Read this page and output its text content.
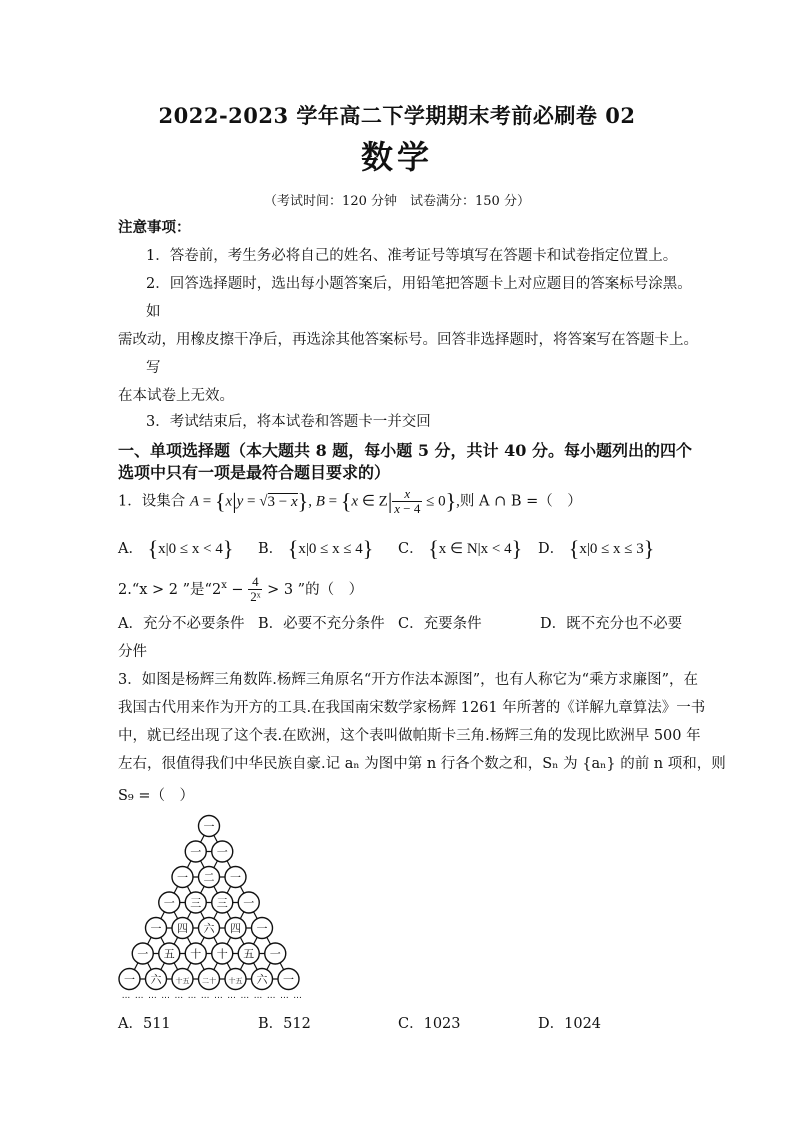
2022-2023 学年高二下学期期末考前必刷卷 02
数学
（考试时间：120 分钟　试卷满分：150 分）
注意事项：
1．答卷前，考生务必将自己的姓名、准考证号等填写在答题卡和试卷指定位置上。
2．回答选择题时，选出每小题答案后，用铅笔把答题卡上对应题目的答案标号涂黑。
如
需改动，用橡皮擦干净后，再选涂其他答案标号。回答非选择题时，将答案写在答题卡上。
写
在本试卷上无效。
3．考试结束后，将本试卷和答题卡一并交回
一、单项选择题（本大题共 8 题，每小题 5 分，共计 40 分。每小题列出的四个
选项中只有一项是最符合题目要求的）
1．设集合 A = {x|y = √3 − x}, B = {x ∈ $Z| \frac{x}{x - 4} \le 0$},则 A ∩ B =（　）
A． {x|0 ≤ x < 4} B． {x|0 ≤ x ≤ 4} C． {x ∈ N|x < 4} D． {x|0 ≤ x ≤ 3}
2.“x > 2 ”是“$2^x - \frac{4}{\text{2ˣ}} > 3$ ”的（　）
A．充分不必要条件 B．必要不充分条件 C．充要条件	D．既不充分也不必要
分件
3．如图是杨辉三角数阵.杨辉三角原名“开方作法本源图”，也有人称它为“乘方求廉图”，在
我国古代用来作为开方的工具.在我国南宋数学家杨辉 1261 年所著的《详解九章算法》一书
中，就已经出现了这个表.在欧洲，这个表叫做帕斯卡三角.杨辉三角的发现比欧洲早 500 年
左右，很值得我们中华民族自豪.记 aₙ 为图中第 n 行各个数之和，Sₙ 为 {aₙ} 的前 n 项和，则
S₉ =（　）
一
一 一
一 二 一
一 三 三 一
一 四 六 四 一
一 五 十 十 五 一
一 六 十五 二十 十五 六 一
··· ··· ··· ··· ··· ··· ··· ··· ··· ··· ··· ··· ··· ···
A．511	B．512	C．1023	D．1024
